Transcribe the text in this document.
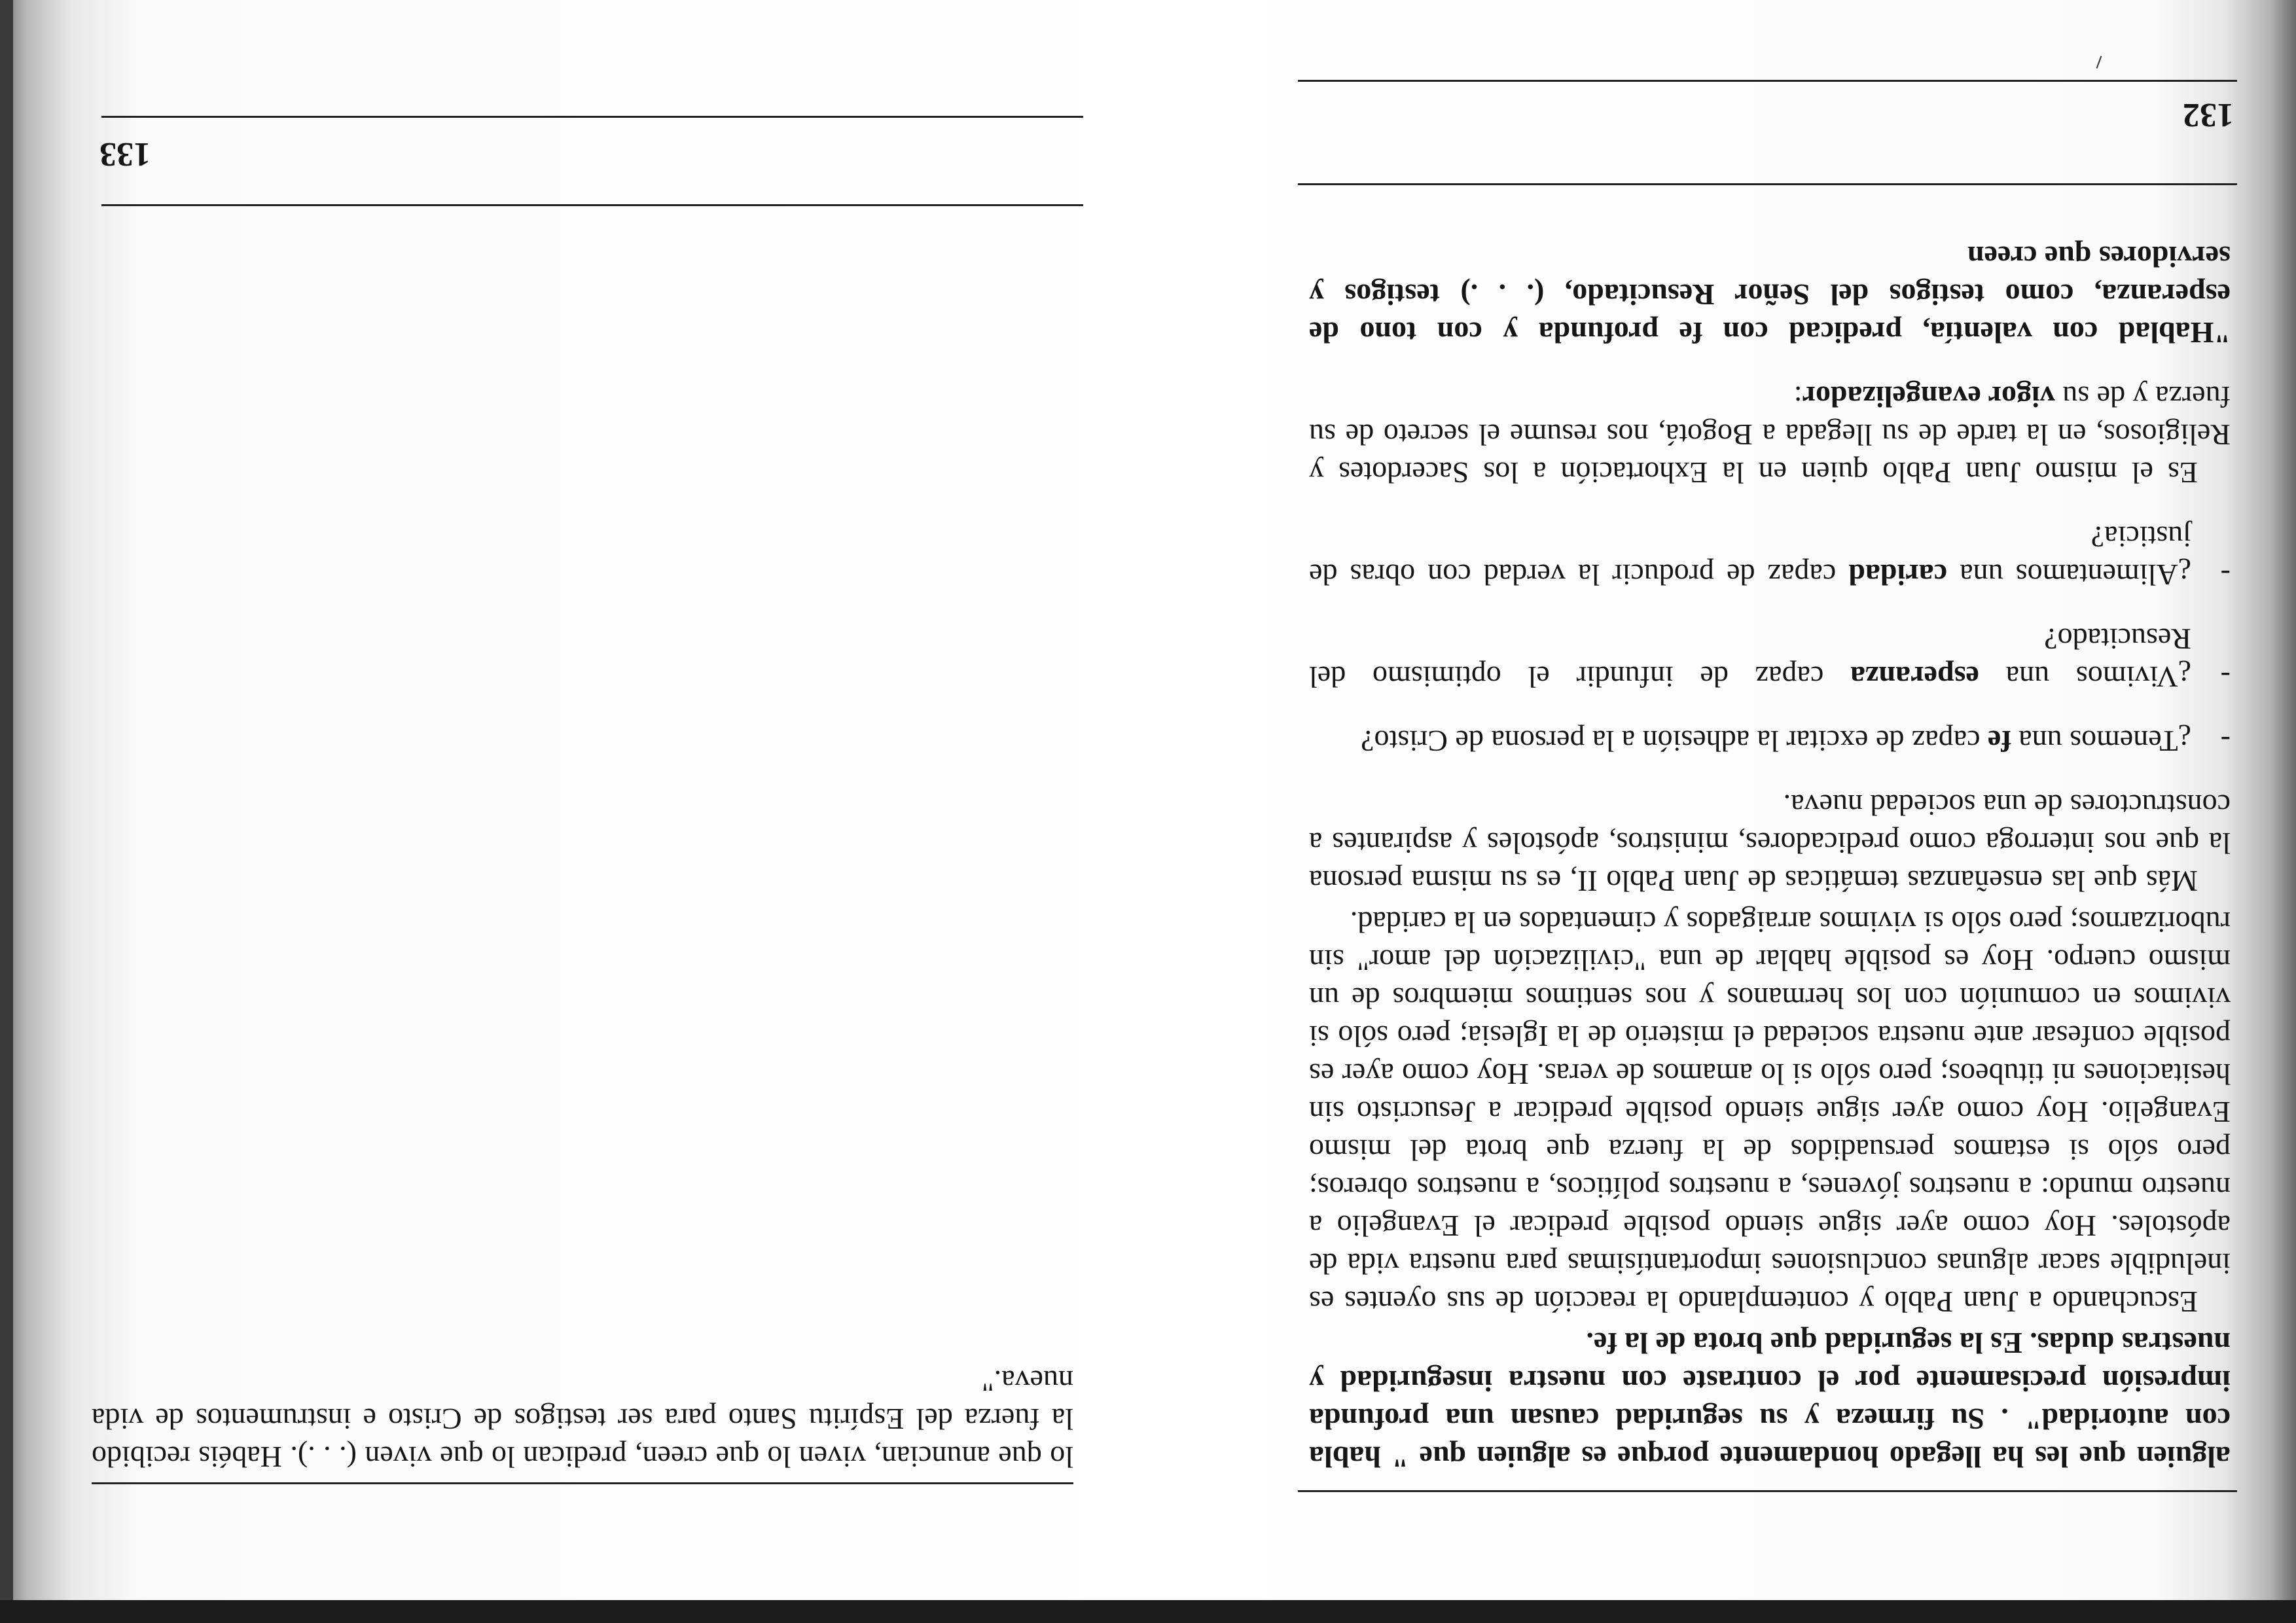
133

lo que anuncian, viven lo que creen, predican lo que viven (. . .). Habéis recibido la fuerza del Espíritu Santo para ser testigos de Cristo e instrumentos de vida nueva."

132

alguien que les ha llegado hondamente porque es alguien que " habla con autoridad" . Su firmeza y su seguridad causan una profunda impresión precisamente por el contraste con nuestra inseguridad y nuestras dudas. Es la seguridad que brota de la fe.

Escuchando a Juan Pablo y contemplando la reacción de sus oyentes es ineludible sacar algunas conclusiones importantísimas para nuestra vida de apóstoles. Hoy como ayer sigue siendo posible predicar el Evangelio a nuestro mundo: a nuestros jóvenes, a nuestros políticos, a nuestros obreros; pero sólo si estamos persuadidos de la fuerza que brota del mismo Evangelio. Hoy como ayer sigue siendo posible predicar a Jesucristo sin hesitaciones ni titubeos; pero sólo si lo amamos de veras. Hoy como ayer es posible confesar ante nuestra sociedad el misterio de la Iglesia; pero sólo si vivimos en comunión con los hermanos y nos sentimos miembros de un mismo cuerpo. Hoy es posible hablar de una "civilización del amor" sin ruborizarnos; pero sólo si vivimos arraigados y cimentados en la caridad.

Más que las enseñanzas temáticas de Juan Pablo II, es su misma persona la que nos interroga como predicadores, ministros, apóstoles y aspirantes a constructores de una sociedad nueva.

-
¿Tenemos una fe capaz de excitar la adhesión a la persona de Cristo?
-
¿Vivimos una esperanza capaz de infundir el optimismo del Resucitado?
-
¿Alimentamos una caridad capaz de producir la verdad con obras de justicia?

Es el mismo Juan Pablo quien en la Exhortación a los Sacerdotes y Religiosos, en la tarde de su llegada a Bogotá, nos resume el secreto de su fuerza y de su vigor evangelizador:

"Hablad con valentía, predicad con fe profunda y con tono de esperanza, como testigos del Señor Resucitado, (. . .) testigos y servidores que creen
